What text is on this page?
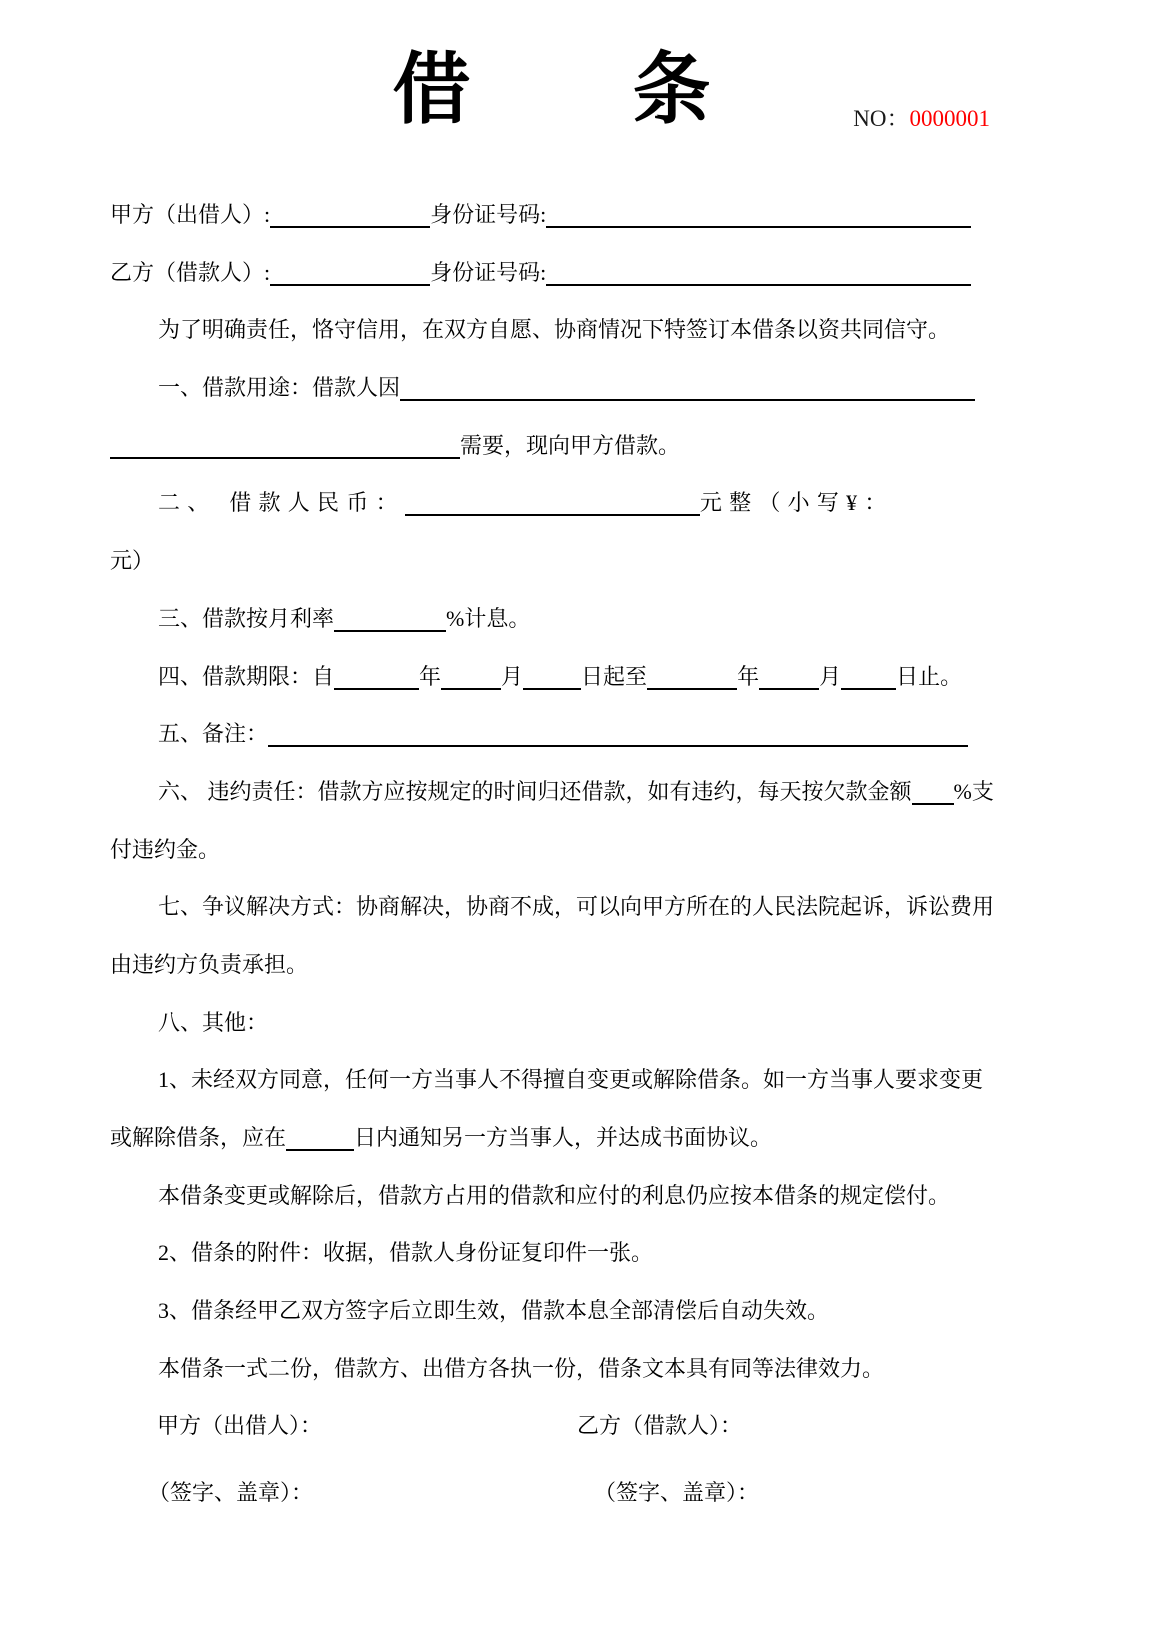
借　　条	NO：0000001
甲方（出借人）:	身份证号码:
乙方（借款人）:	身份证号码:
为了明确责任，恪守信用，在双方自愿、协商情况下特签订本借条以资共同信守。
一、借款用途：借款人因
需要，现向甲方借款。
二、 借款人民币：	元整（小写¥：
元）
三、借款按月利率	%计息。
四、借款期限：自	年	月	日起至	年	月	日止。
五、备注：
六、 违约责任：借款方应按规定的时间归还借款，如有违约，每天按欠款金额 %支
付违约金。
七、争议解决方式：协商解决，协商不成，可以向甲方所在的人民法院起诉，诉讼费用
由违约方负责承担。
八、其他：
1、未经双方同意，任何一方当事人不得擅自变更或解除借条。如一方当事人要求变更
或解除借条，应在	日内通知另一方当事人，并达成书面协议。
本借条变更或解除后，借款方占用的借款和应付的利息仍应按本借条的规定偿付。
2、借条的附件：收据，借款人身份证复印件一张。
3、借条经甲乙双方签字后立即生效，借款本息全部清偿后自动失效。
本借条一式二份，借款方、出借方各执一份，借条文本具有同等法律效力。
甲方（出借人）：	乙方（借款人）：
（签字、盖章）：	（签字、盖章）：
